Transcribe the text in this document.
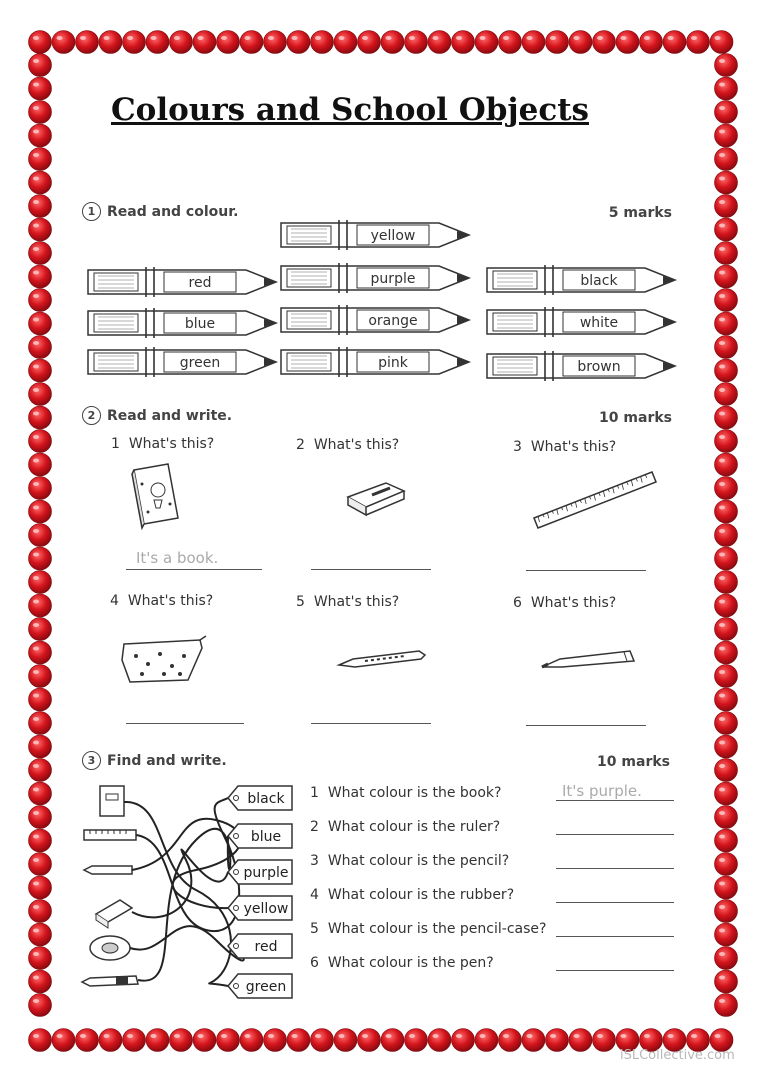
Colours and School Objects
1 Read and colour.	5 marks
yellow
red	purple	black
blue	orange	white
green	pink	brown
2 Read and write.	10 marks
1 What's this?	2 What's this?	3 What's this?
4 What's this?	5 What's this?	6 What's this?
It's a book.
3 Find and write.	10 marks
black
blue
purple
yellow
red
green
1 What colour is the book?
2 What colour is the ruler?
3 What colour is the pencil?
4 What colour is the rubber?
5 What colour is the pencil-case?
6 What colour is the pen?
It's purple.
iSLCollective.com
